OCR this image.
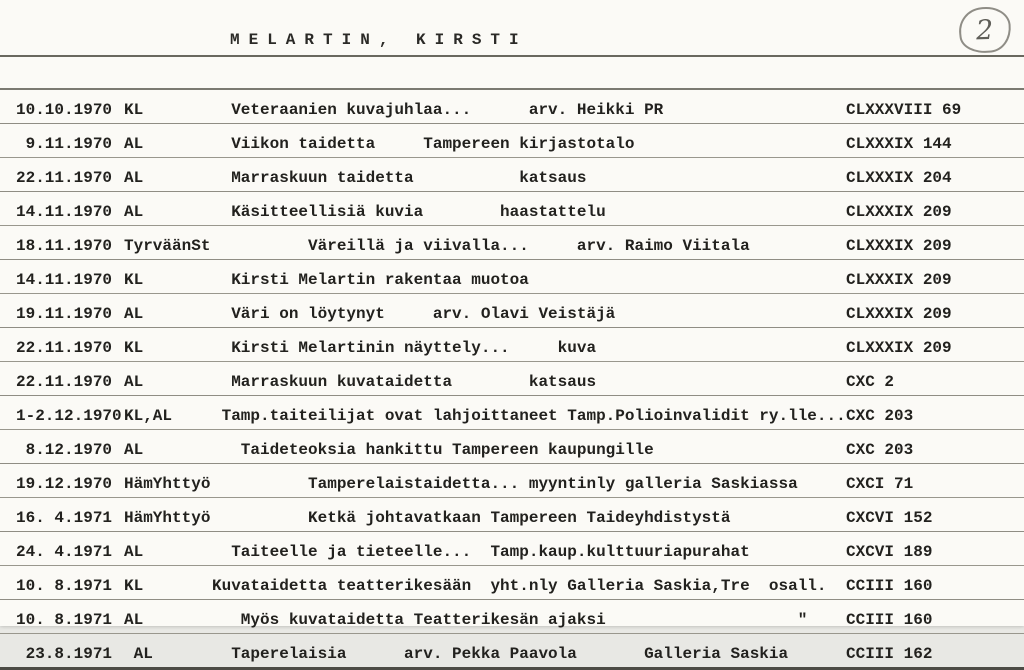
MELARTIN, KIRSTI	2
10.10.1970 KL	Veteraanien kuvajuhlaa...      arv. Heikki PR	CLXXXVIII 69
9.11.1970 AL	Viikon taidetta     Tampereen kirjastotalo	CLXXXIX 144
22.11.1970 AL	Marraskuun taidetta           katsaus	CLXXXIX 204
14.11.1970 AL	Käsitteellisiä kuvia        haastattelu	CLXXXIX 209
18.11.1970 TyrväänSt Väreillä ja viivalla...     arv. Raimo Viitala	CLXXXIX 209
14.11.1970 KL	Kirsti Melartin rakentaa muotoa	CLXXXIX 209
19.11.1970 AL	Väri on löytynyt     arv. Olavi Veistäjä	CLXXXIX 209
22.11.1970 KL	Kirsti Melartinin näyttely...     kuva	CLXXXIX 209
22.11.1970 AL	Marraskuun kuvataidetta        katsaus	CXC 2
1-2.12.1970 KL,AL	Tamp.taiteilijat ovat lahjoittaneet Tamp.Polioinvalidit ry.lle... CXC 203
8.12.1970 AL	Taideteoksia hankittu Tampereen kaupungille	CXC 203
19.12.1970 HämYhttyö Tamperelaistaidetta... myyntinly galleria Saskiassa	CXCI 71
16. 4.1971 HämYhttyö Ketkä johtavatkaan Tampereen Taideyhdistystä	CXCVI 152
24. 4.1971 AL	Taiteelle ja tieteelle...  Tamp.kaup.kulttuuriapurahat	CXCVI 189
10. 8.1971 KL	Kuvataidetta teatterikesään  yht.nly Galleria Saskia,Tre  osall.	CCIII 160
10. 8.1971 AL	Myös kuvataidetta Teatterikesän ajaksi                    "	CCIII 160
23.8.1971 AL	Taperelaisia      arv. Pekka Paavola       Galleria Saskia	CCIII 162
